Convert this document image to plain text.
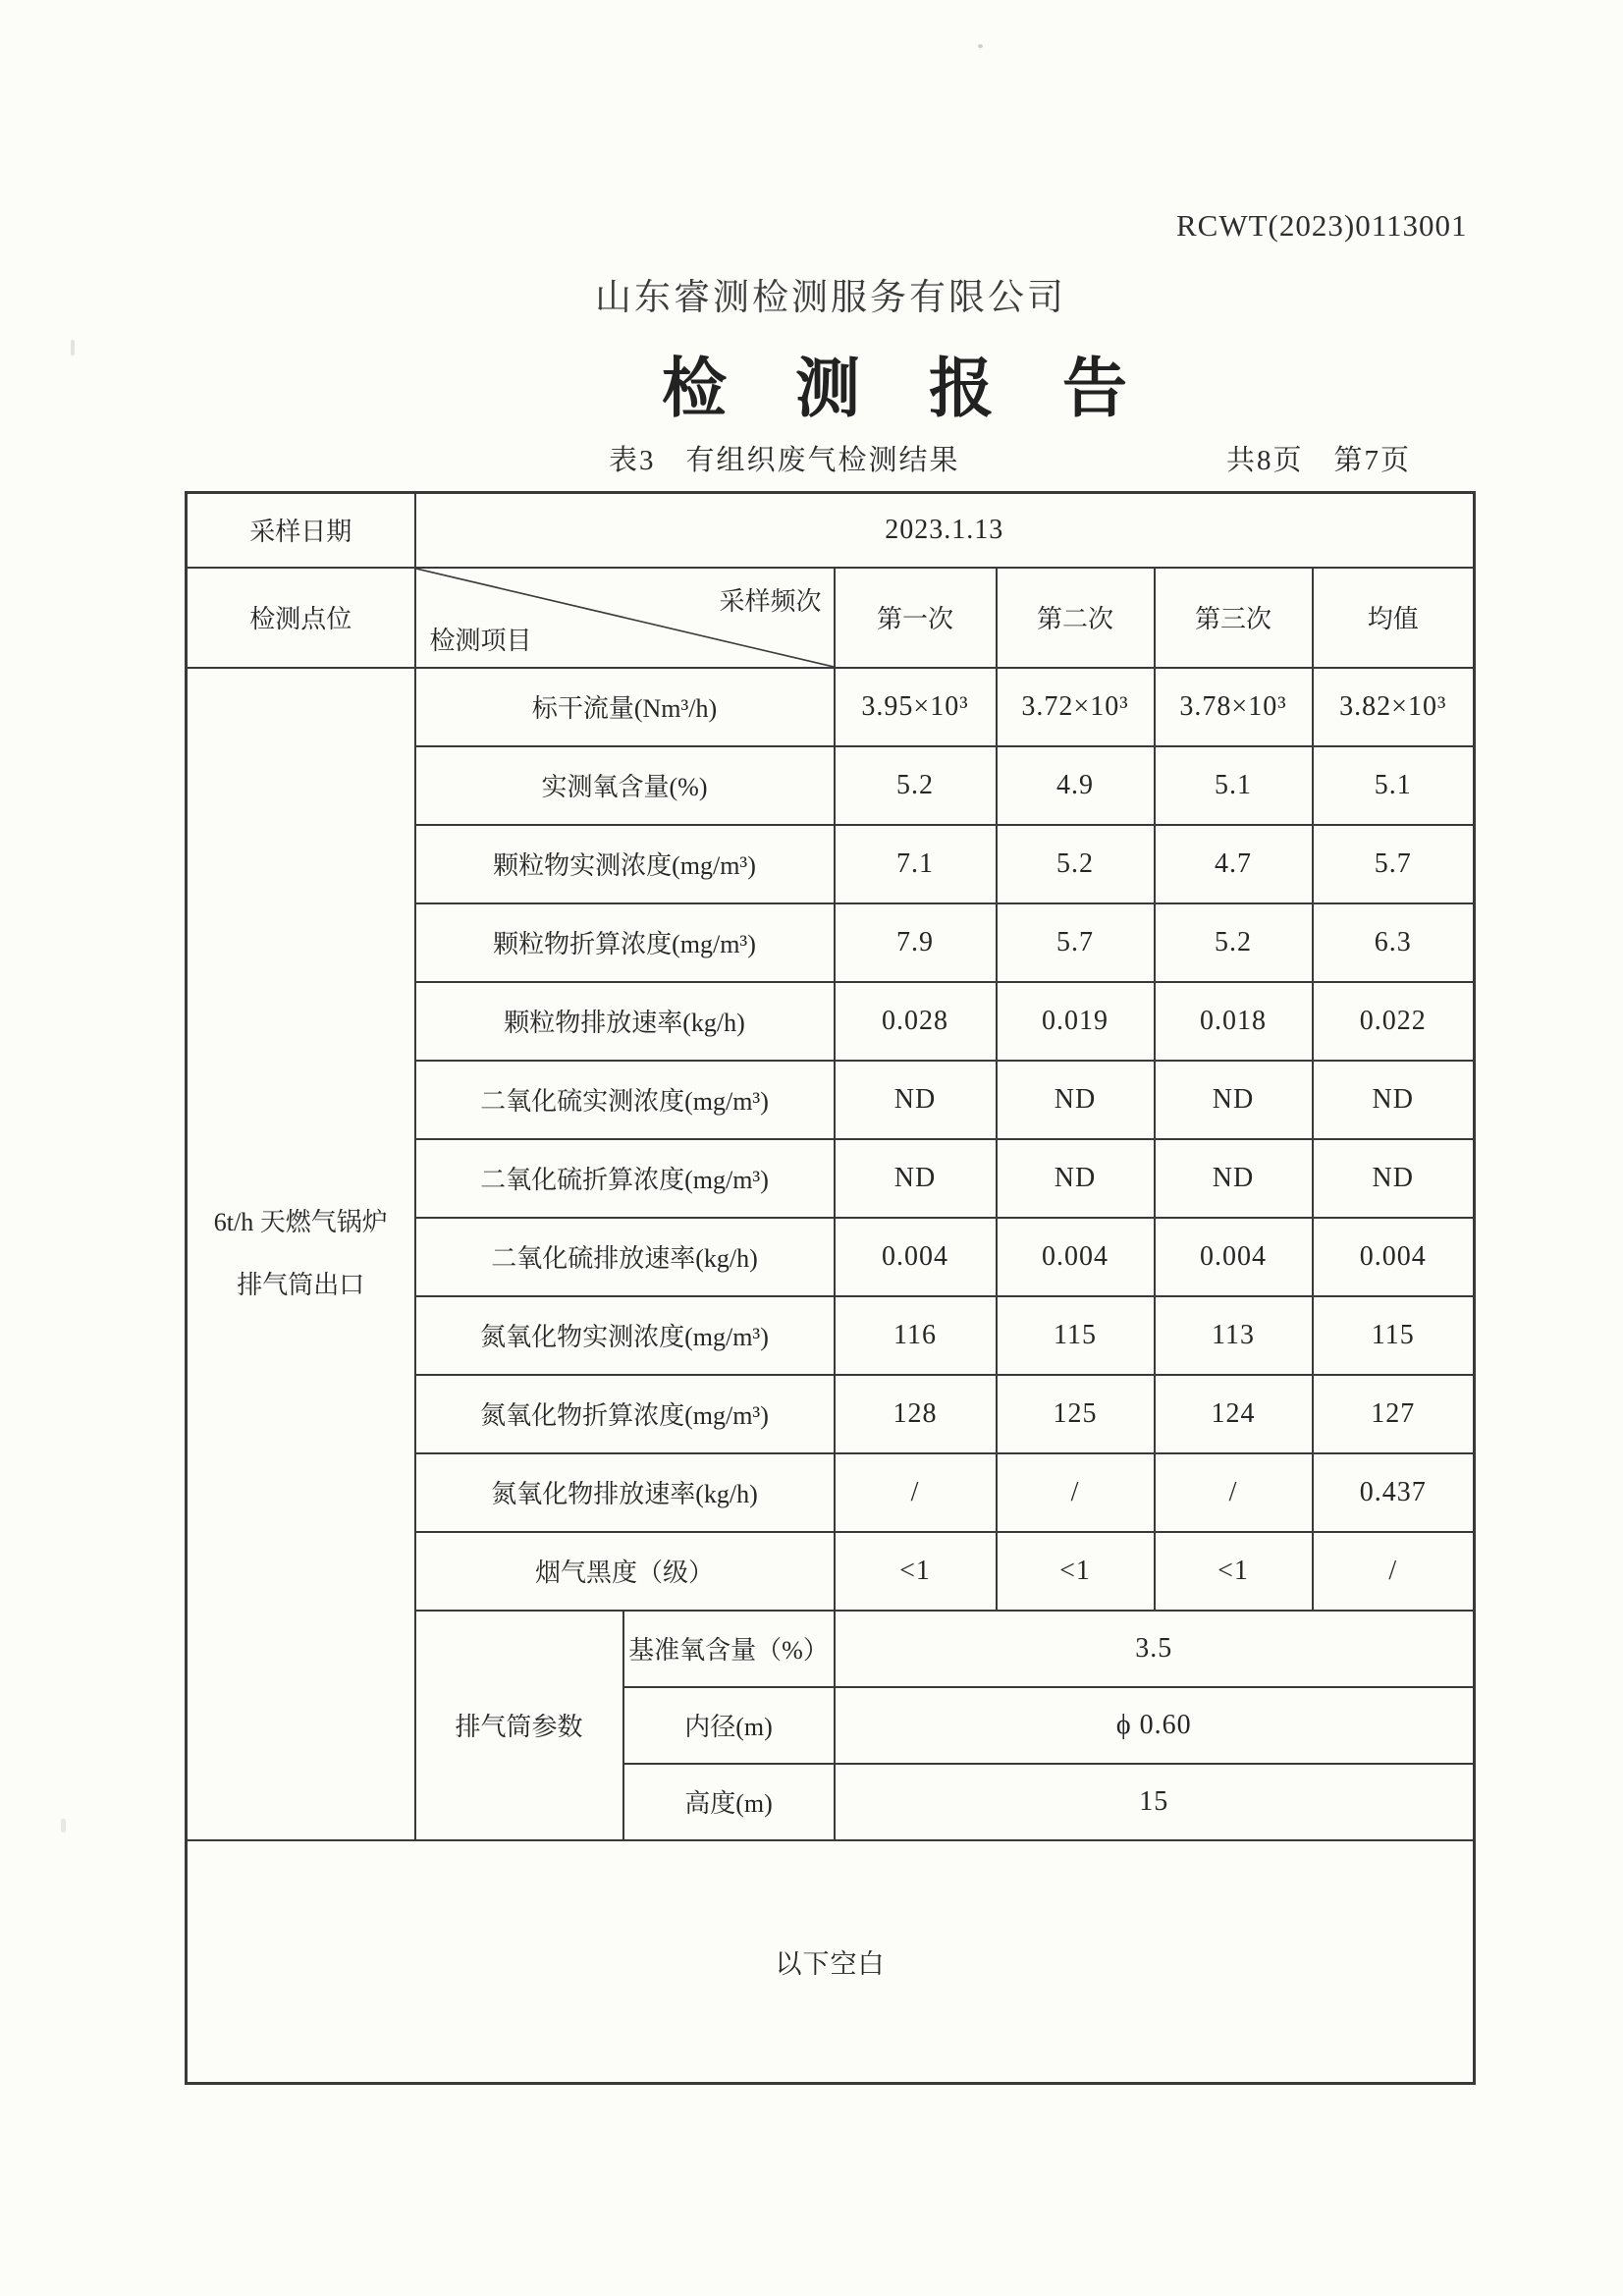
RCWT(2023)0113001
山东睿测检测服务有限公司
检测报告
表3　有组织废气检测结果	共8页　第7页
采样日期	2023.1.13					
检测点位	采样频次
检测项目		第一次	第二次	第三次	均值

6t/h 天燃气锅炉
排气筒出口	标干流量(Nm³/h)		3.95×10³	3.72×10³	3.78×10³	3.82×10³
	实测氧含量(%)		5.2	4.9	5.1	5.1
	颗粒物实测浓度(mg/m³)		7.1	5.2	4.7	5.7
	颗粒物折算浓度(mg/m³)		7.9	5.7	5.2	6.3
	颗粒物排放速率(kg/h)		0.028	0.019	0.018	0.022
	二氧化硫实测浓度(mg/m³)		ND	ND	ND	ND
	二氧化硫折算浓度(mg/m³)		ND	ND	ND	ND
	二氧化硫排放速率(kg/h)		0.004	0.004	0.004	0.004
	氮氧化物实测浓度(mg/m³)		116	115	113	115
	氮氧化物折算浓度(mg/m³)		128	125	124	127
	氮氧化物排放速率(kg/h)		/	/	/	0.437
	烟气黑度（级）		<1	<1	<1	/
	排气筒参数	基准氧含量（%）	3.5			
		内径(m)	ϕ 0.60			
		高度(m)	15			
以下空白						
